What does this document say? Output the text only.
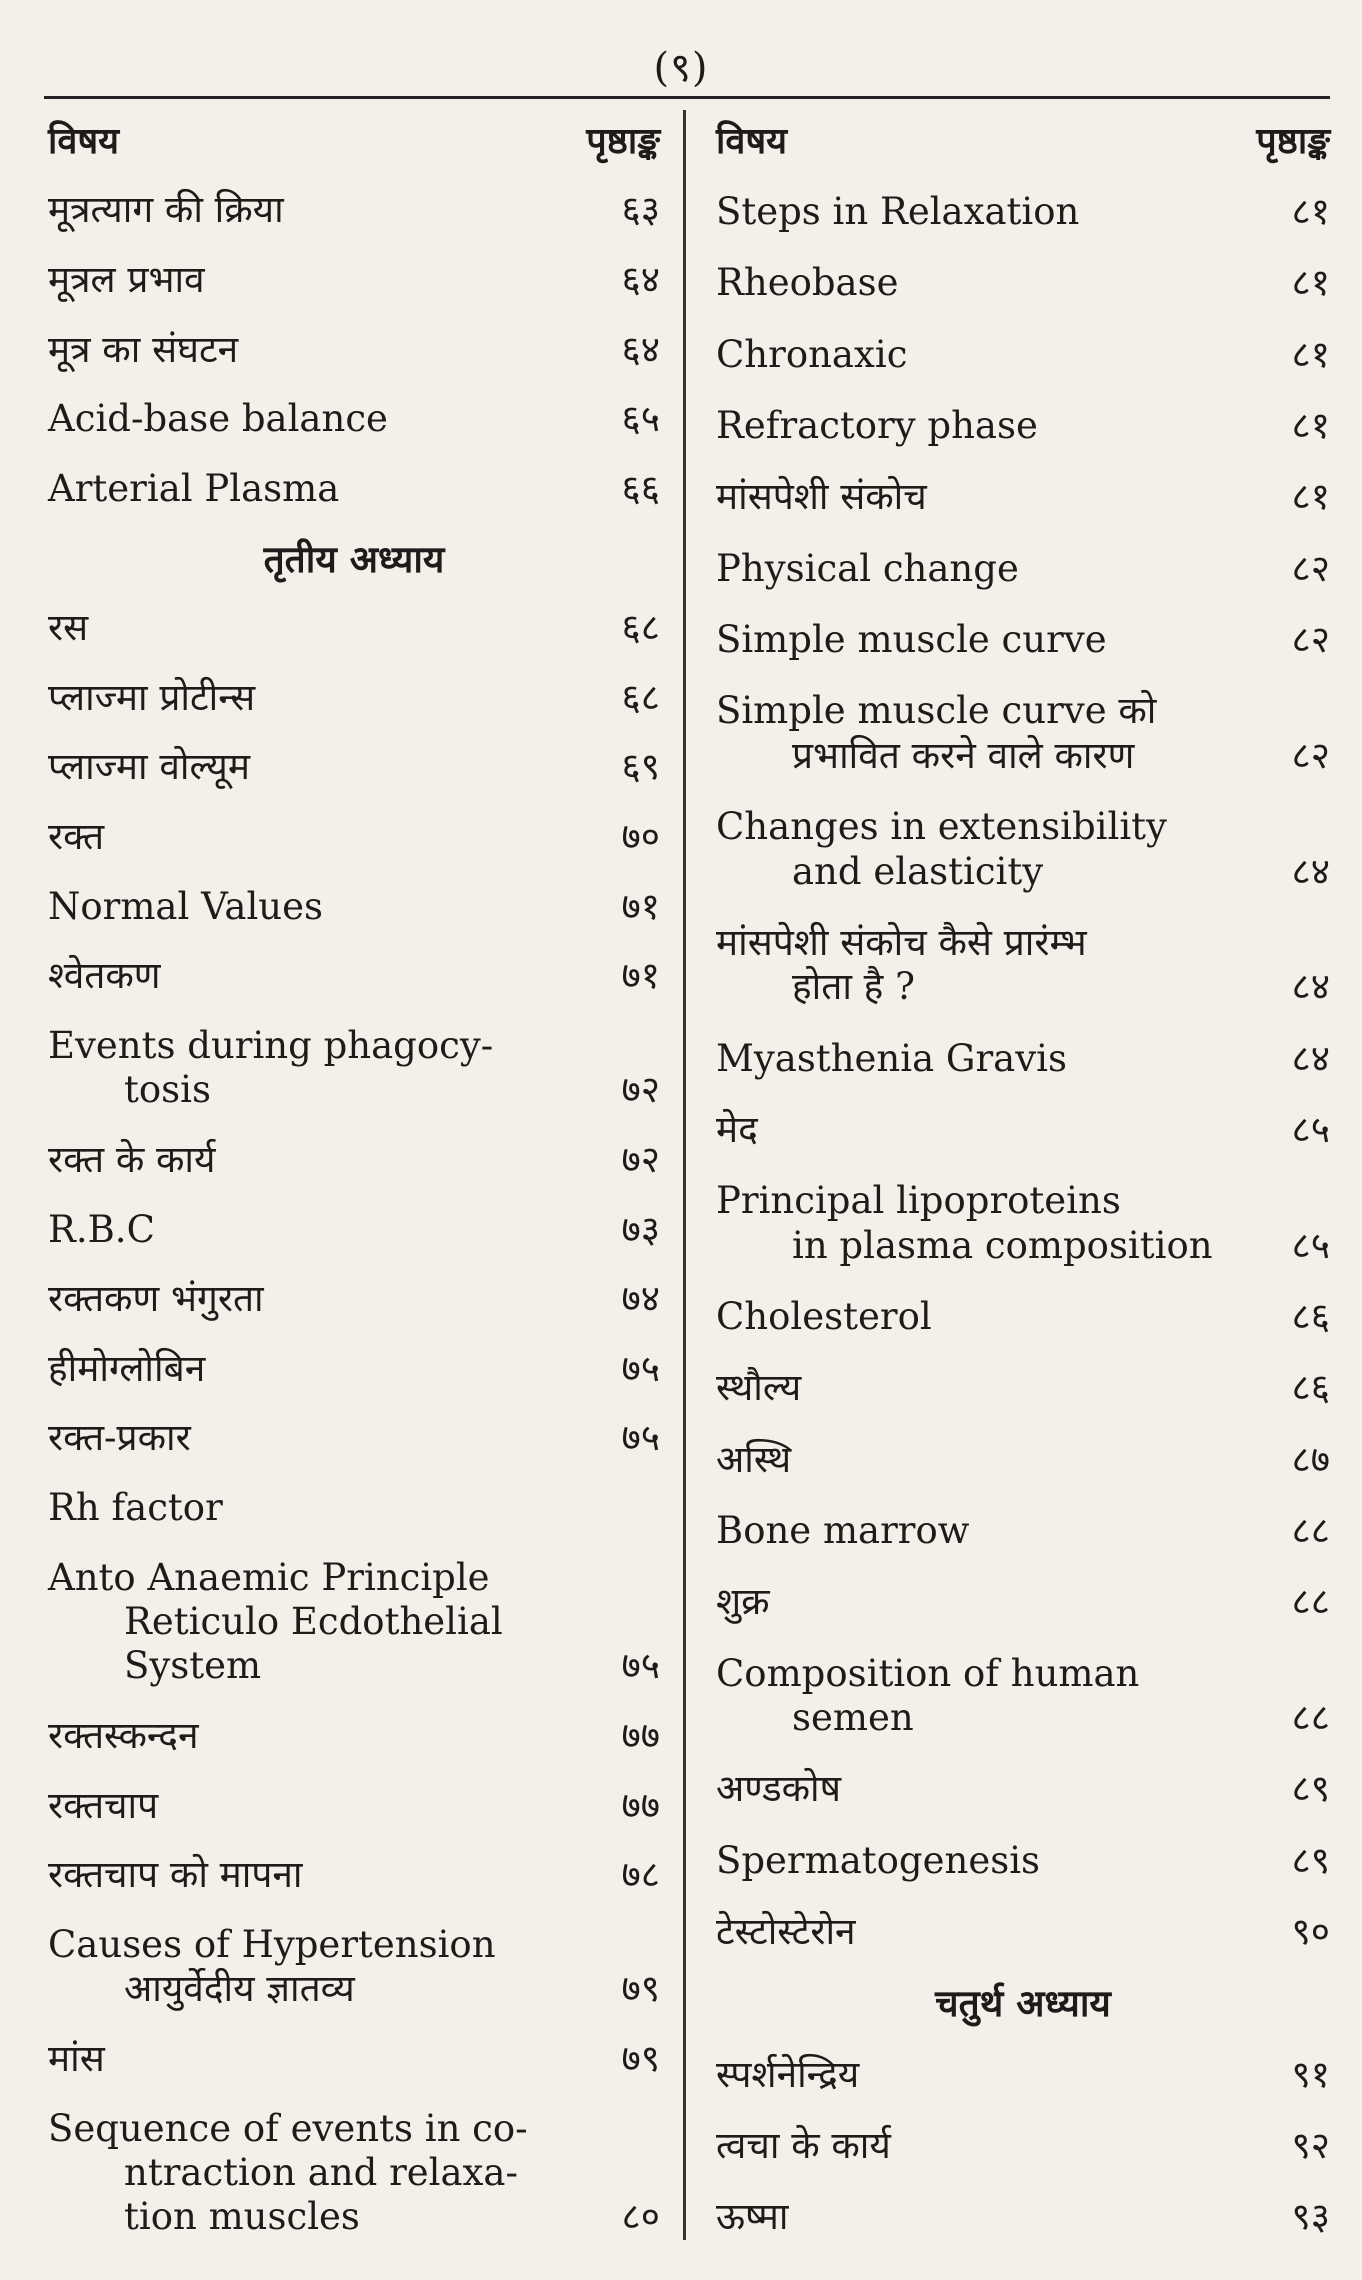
(९)
विषय	पृष्ठाङ्क
मूत्रत्याग की क्रिया	६३
मूत्रल प्रभाव	६४
मूत्र का संघटन	६४
Acid-base balance	६५
Arterial Plasma	६६
तृतीय अध्याय
रस	६८
प्लाज्मा प्रोटीन्स	६८
प्लाज्मा वोल्यूम	६९
रक्त	७०
Normal Values	७१
श्वेतकण	७१
Events during phagocy-
tosis	७२
रक्त के कार्य	७२
R.B.C	७३
रक्तकण भंगुरता	७४
हीमोग्लोबिन	७५
रक्त-प्रकार	७५
Rh factor
Anto Anaemic Principle
Reticulo Ecdothelial
System	७५
रक्तस्कन्दन	७७
रक्तचाप	७७
रक्तचाप को मापना	७८
Causes of Hypertension
आयुर्वेदीय ज्ञातव्य	७९
मांस	७९
Sequence of events in co-
ntraction and relaxa-
tion muscles	८०
विषय	पृष्ठाङ्क
Steps in Relaxation	८१
Rheobase	८१
Chronaxic	८१
Refractory phase	८१
मांसपेशी संकोच	८१
Physical change	८२
Simple muscle curve	८२
Simple muscle curve को
प्रभावित करने वाले कारण	८२
Changes in extensibility
and elasticity	८४
मांसपेशी संकोच कैसे प्रारंम्भ
होता है ?	८४
Myasthenia Gravis	८४
मेद	८५
Principal lipoproteins
in plasma composition ८५
Cholesterol	८६
स्थौल्य	८६
अस्थि	८७
Bone marrow	८८
शुक्र	८८
Composition of human
semen	८८
अण्डकोष	८९
Spermatogenesis	८९
टेस्टोस्टेरोन	९०
चतुर्थ अध्याय
स्पर्शनेन्द्रिय	९१
त्वचा के कार्य	९२
ऊष्मा	९३
